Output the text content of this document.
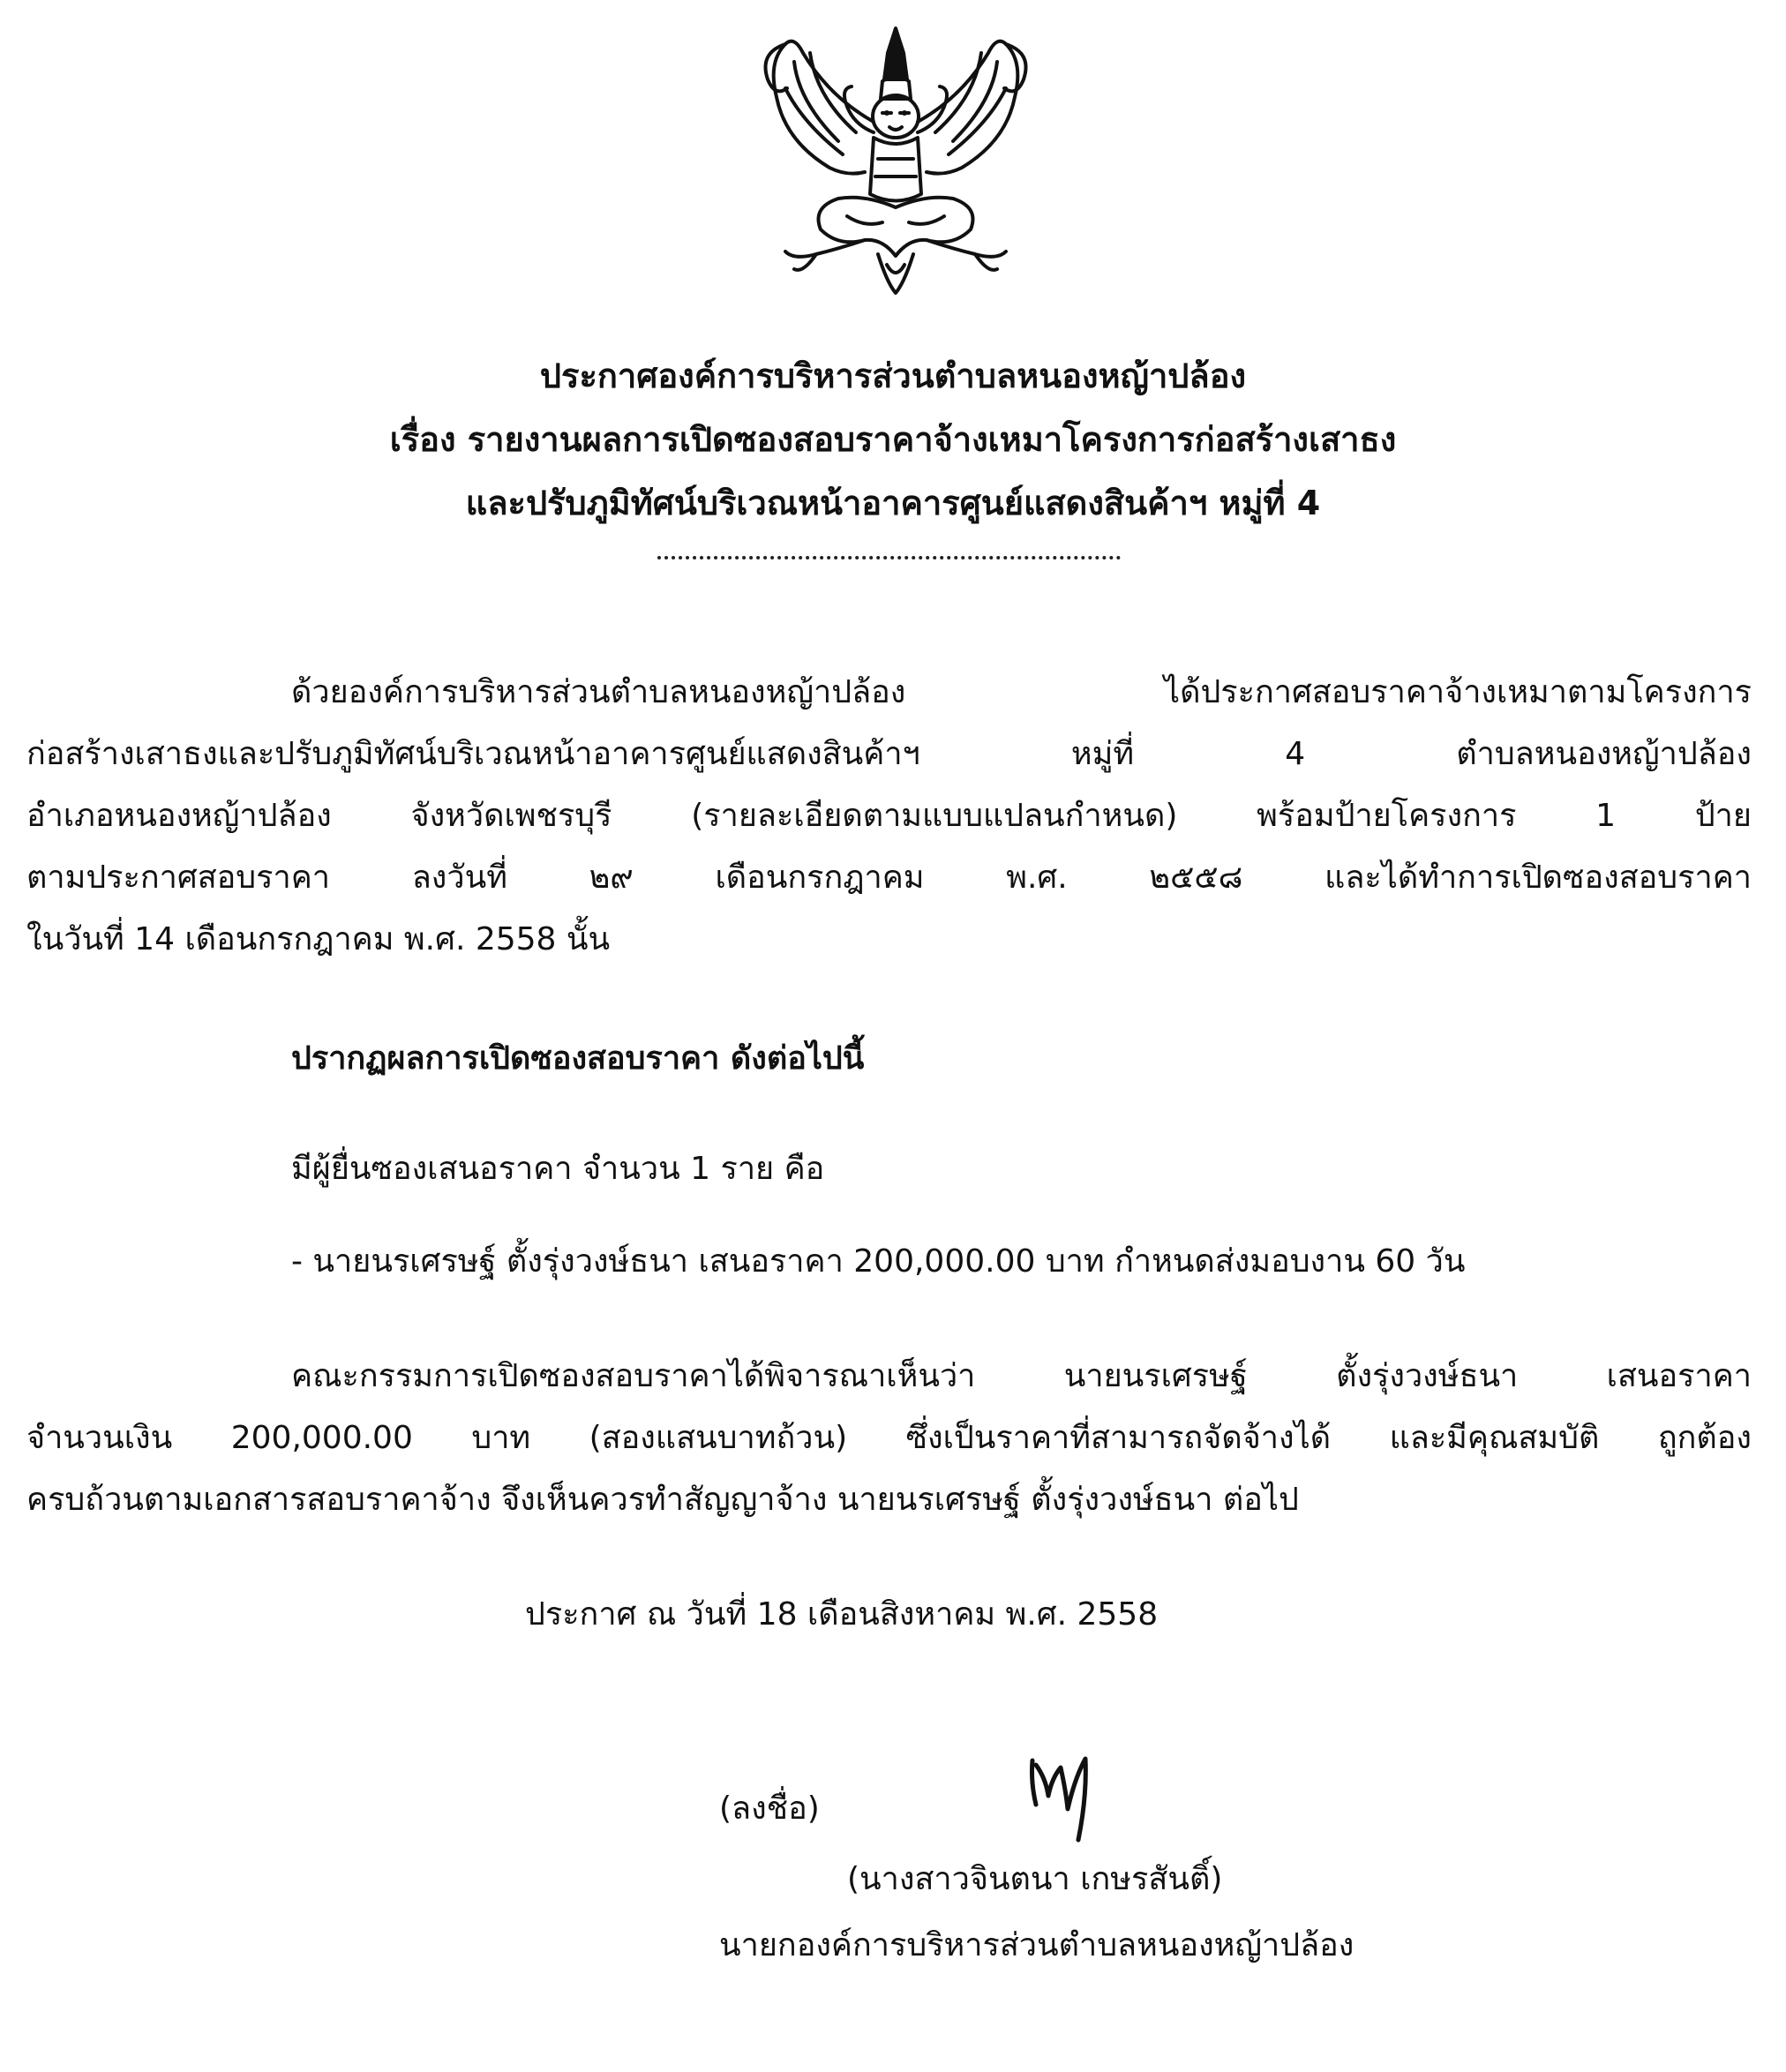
ประกาศองค์การบริหารส่วนตำบลหนองหญ้าปล้อง
เรื่อง รายงานผลการเปิดซองสอบราคาจ้างเหมาโครงการก่อสร้างเสาธง
และปรับภูมิทัศน์บริเวณหน้าอาคารศูนย์แสดงสินค้าฯ หมู่ที่ 4
ด้วยองค์การบริหารส่วนตำบลหนองหญ้าปล้อง ได้ประกาศสอบราคาจ้างเหมาตามโครงการ
ก่อสร้างเสาธงและปรับภูมิทัศน์บริเวณหน้าอาคารศูนย์แสดงสินค้าฯ หมู่ที่ 4 ตำบลหนองหญ้าปล้อง
อำเภอหนองหญ้าปล้อง จังหวัดเพชรบุรี (รายละเอียดตามแบบแปลนกำหนด) พร้อมป้ายโครงการ 1 ป้าย
ตามประกาศสอบราคา ลงวันที่ ๒๙ เดือนกรกฎาคม พ.ศ. ๒๕๕๘ และได้ทำการเปิดซองสอบราคา
ในวันที่ 14 เดือนกรกฎาคม พ.ศ. 2558 นั้น
ปรากฏผลการเปิดซองสอบราคา ดังต่อไปนี้
มีผู้ยื่นซองเสนอราคา จำนวน 1 ราย คือ
- นายนรเศรษฐ์ ตั้งรุ่งวงษ์ธนา เสนอราคา 200,000.00 บาท กำหนดส่งมอบงาน 60 วัน
คณะกรรมการเปิดซองสอบราคาได้พิจารณาเห็นว่า นายนรเศรษฐ์ ตั้งรุ่งวงษ์ธนา เสนอราคา
จำนวนเงิน 200,000.00 บาท (สองแสนบาทถ้วน) ซึ่งเป็นราคาที่สามารถจัดจ้างได้ และมีคุณสมบัติ ถูกต้อง
ครบถ้วนตามเอกสารสอบราคาจ้าง จึงเห็นควรทำสัญญาจ้าง นายนรเศรษฐ์ ตั้งรุ่งวงษ์ธนา ต่อไป
ประกาศ ณ วันที่ 18 เดือนสิงหาคม พ.ศ. 2558
(ลงชื่อ)
(นางสาวจินตนา เกษรสันติ์)
นายกองค์การบริหารส่วนตำบลหนองหญ้าปล้อง
